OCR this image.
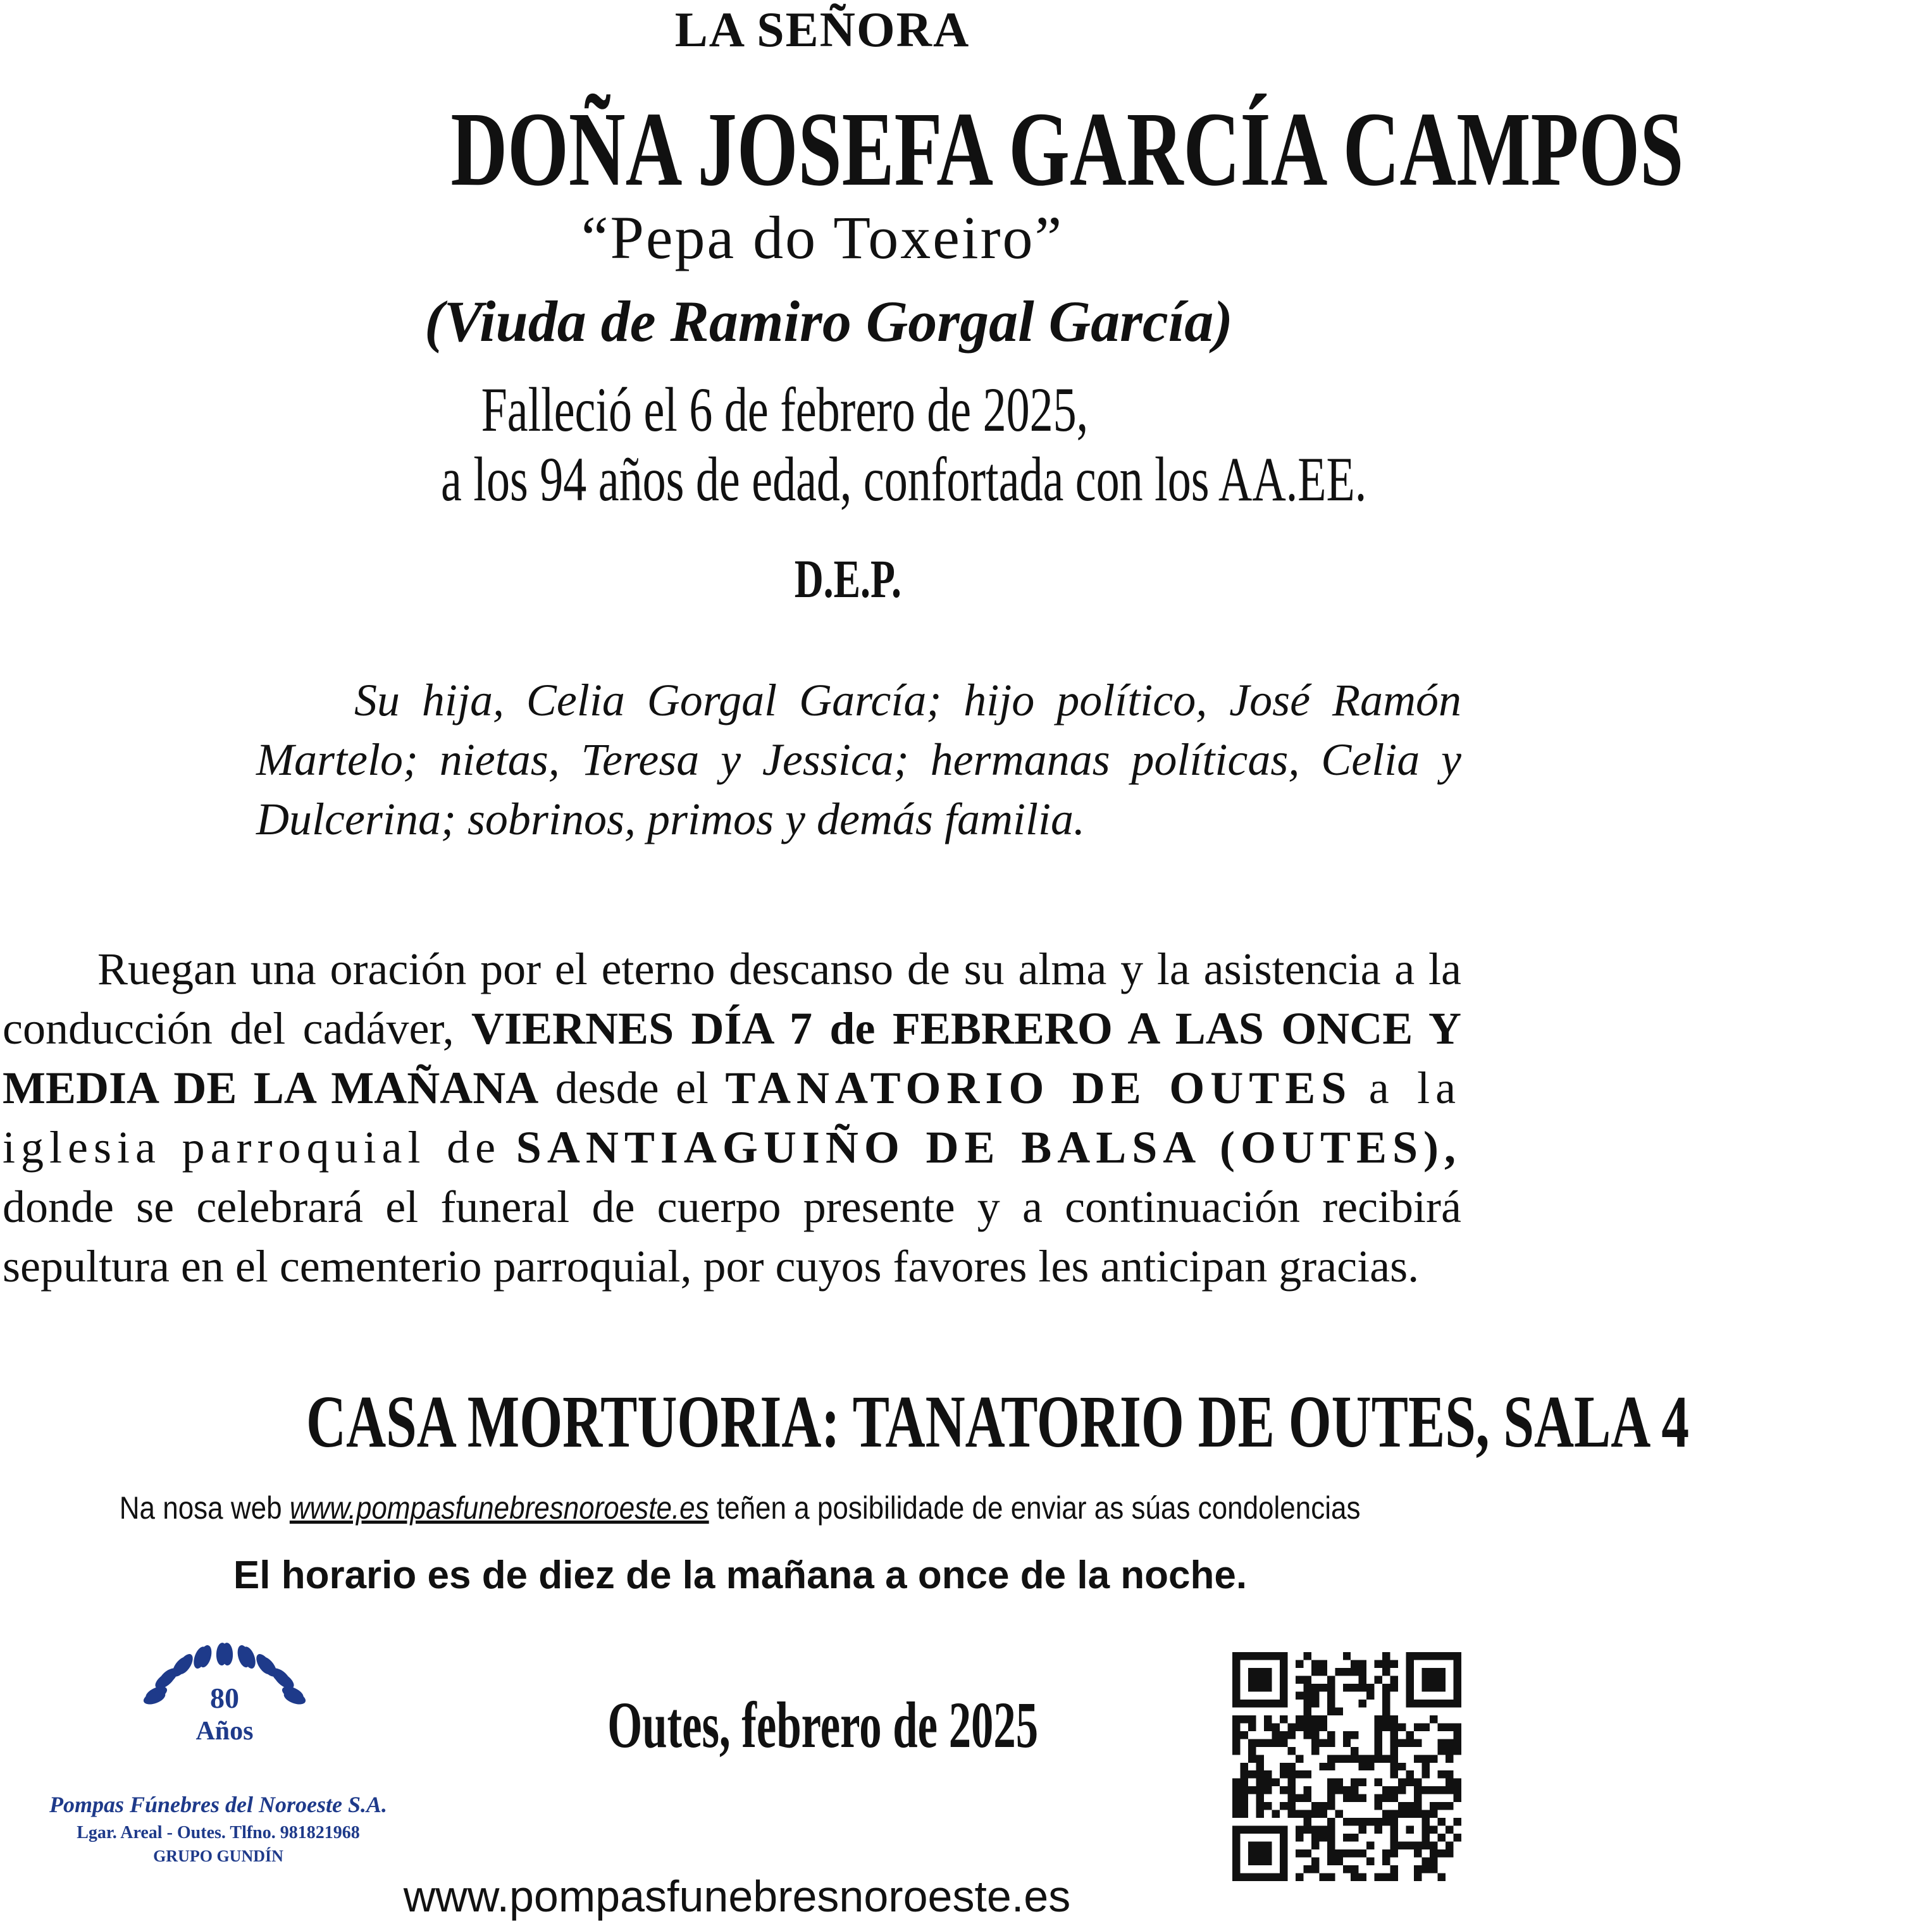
LA SEÑORA
DOÑA JOSEFA GARCÍA CAMPOS
“Pepa do Toxeiro”
(Viuda de Ramiro Gorgal García)
Falleció el 6 de febrero de 2025,
a los 94 años de edad, confortada con los AA.EE.
D.E.P.
Su hija, Celia Gorgal García; hijo político, José Ramón Martelo; nietas, Teresa y Jessica; hermanas políticas, Celia y Dulcerina; sobrinos, primos y demás familia.
Ruegan una oración por el eterno descanso de su alma y la asistencia a la conducción del cadáver, VIERNES DÍA 7 de FEBRERO A LAS ONCE Y MEDIA DE LA MAÑANA desde el TANATORIO DE OUTES a la iglesia parroquial de SANTIAGUIÑO DE BALSA (OUTES), donde se celebrará el funeral de cuerpo presente y a continuación recibirá sepultura en el cementerio parroquial, por cuyos favores les anticipan gracias.
CASA MORTUORIA: TANATORIO DE OUTES, SALA 4
Na nosa web www.pompasfunebresnoroeste.es teñen a posibilidade de enviar as súas condolencias
El horario es de diez de la mañana a once de la noche.
80
Años
Pompas Fúnebres del Noroeste S.A.
Lgar. Areal - Outes. Tlfno. 981821968
GRUPO GUNDÍN
Outes, febrero de 2025
www.pompasfunebresnoroeste.es
